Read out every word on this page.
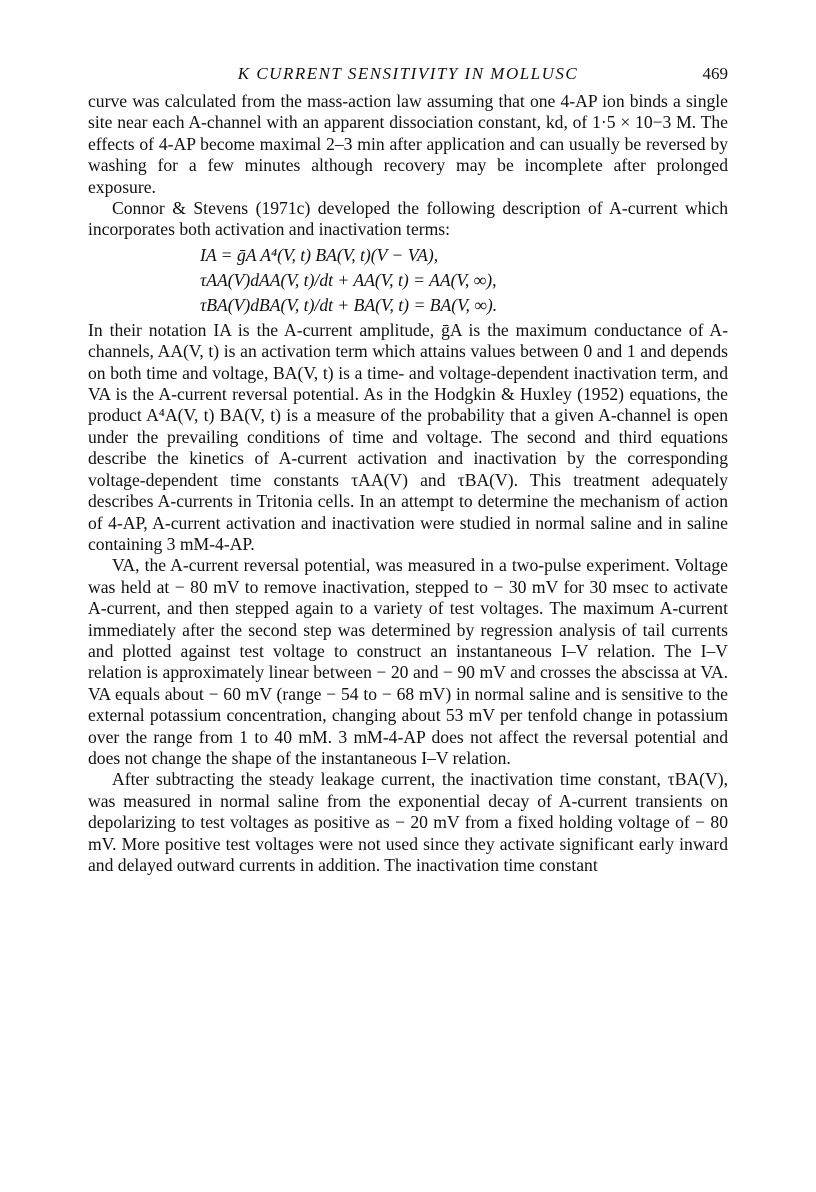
K CURRENT SENSITIVITY IN MOLLUSC	469

curve was calculated from the mass-action law assuming that one 4-AP ion binds a single site near each A-channel with an apparent dissociation constant, kd, of 1·5 × 10−3 M. The effects of 4-AP become maximal 2–3 min after application and can usually be reversed by washing for a few minutes although recovery may be incomplete after prolonged exposure.

Connor & Stevens (1971c) developed the following description of A-current which incorporates both activation and inactivation terms:

IA = ḡA A⁴(V, t) BA(V, t)(V − VA),
τAA(V)dAA(V, t)/dt + AA(V, t) = AA(V, ∞),
τBA(V)dBA(V, t)/dt + BA(V, t) = BA(V, ∞).

In their notation IA is the A-current amplitude, ḡA is the maximum conductance of A-channels, AA(V, t) is an activation term which attains values between 0 and 1 and depends on both time and voltage, BA(V, t) is a time- and voltage-dependent inactivation term, and VA is the A-current reversal potential. As in the Hodgkin & Huxley (1952) equations, the product A⁴A(V, t) BA(V, t) is a measure of the probability that a given A-channel is open under the prevailing conditions of time and voltage. The second and third equations describe the kinetics of A-current activation and inactivation by the corresponding voltage-dependent time constants τAA(V) and τBA(V). This treatment adequately describes A-currents in Tritonia cells. In an attempt to determine the mechanism of action of 4-AP, A-current activation and inactivation were studied in normal saline and in saline containing 3 mM-4-AP.

VA, the A-current reversal potential, was measured in a two-pulse experiment. Voltage was held at − 80 mV to remove inactivation, stepped to − 30 mV for 30 msec to activate A-current, and then stepped again to a variety of test voltages. The maximum A-current immediately after the second step was determined by regression analysis of tail currents and plotted against test voltage to construct an instantaneous I–V relation. The I–V relation is approximately linear between − 20 and − 90 mV and crosses the abscissa at VA. VA equals about − 60 mV (range − 54 to − 68 mV) in normal saline and is sensitive to the external potassium concentration, changing about 53 mV per tenfold change in potassium over the range from 1 to 40 mM. 3 mM-4-AP does not affect the reversal potential and does not change the shape of the instantaneous I–V relation.

After subtracting the steady leakage current, the inactivation time constant, τBA(V), was measured in normal saline from the exponential decay of A-current transients on depolarizing to test voltages as positive as − 20 mV from a fixed holding voltage of − 80 mV. More positive test voltages were not used since they activate significant early inward and delayed outward currents in addition. The inactivation time constant
